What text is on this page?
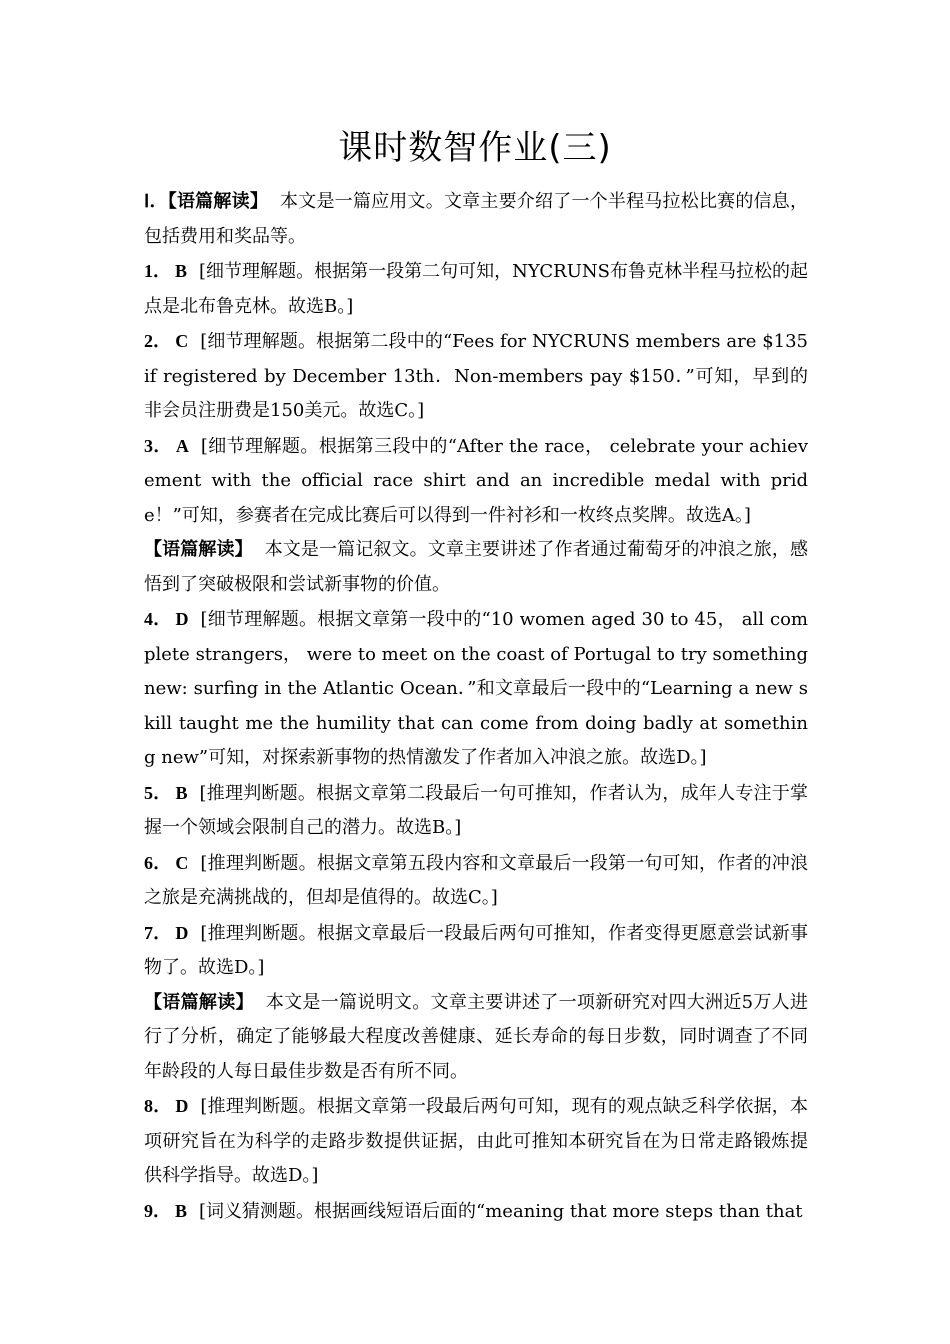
课时数智作业(三)

Ⅰ．【语篇解读】 本文是一篇应用文。文章主要介绍了一个半程马拉松比赛的信息，包括费用和奖品等。

1． B [细节理解题。根据第一段第二句可知，NYCRUNS布鲁克林半程马拉松的起点是北布鲁克林。故选B。]

2． C [细节理解题。根据第二段中的“Fees for NYCRUNS members are $135 if registered by December 13th．Non-members pay $150．”可知，早到的非会员注册费是150美元。故选C。]

3． A [细节理解题。根据第三段中的“After the race， celebrate your achievement with the official race shirt and an incredible medal with pride！”可知，参赛者在完成比赛后可以得到一件衬衫和一枚终点奖牌。故选A。]

【语篇解读】 本文是一篇记叙文。文章主要讲述了作者通过葡萄牙的冲浪之旅，感悟到了突破极限和尝试新事物的价值。

4． D [细节理解题。根据文章第一段中的“10 women aged 30 to 45， all complete strangers， were to meet on the coast of Portugal to try something new: surfing in the Atlantic Ocean．”和文章最后一段中的“Learning a new skill taught me the humility that can come from doing badly at something new”可知，对探索新事物的热情激发了作者加入冲浪之旅。故选D。]

5． B [推理判断题。根据文章第二段最后一句可推知，作者认为，成年人专注于掌握一个领域会限制自己的潜力。故选B。]

6． C [推理判断题。根据文章第五段内容和文章最后一段第一句可知，作者的冲浪之旅是充满挑战的，但却是值得的。故选C。]

7． D [推理判断题。根据文章最后一段最后两句可推知，作者变得更愿意尝试新事物了。故选D。]

【语篇解读】 本文是一篇说明文。文章主要讲述了一项新研究对四大洲近5万人进行了分析，确定了能够最大程度改善健康、延长寿命的每日步数，同时调查了不同年龄段的人每日最佳步数是否有所不同。

8． D [推理判断题。根据文章第一段最后两句可知，现有的观点缺乏科学依据，本项研究旨在为科学的走路步数提供证据，由此可推知本研究旨在为日常走路锻炼提供科学指导。故选D。]

9． B [词义猜测题。根据画线短语后面的“meaning that more steps than that
